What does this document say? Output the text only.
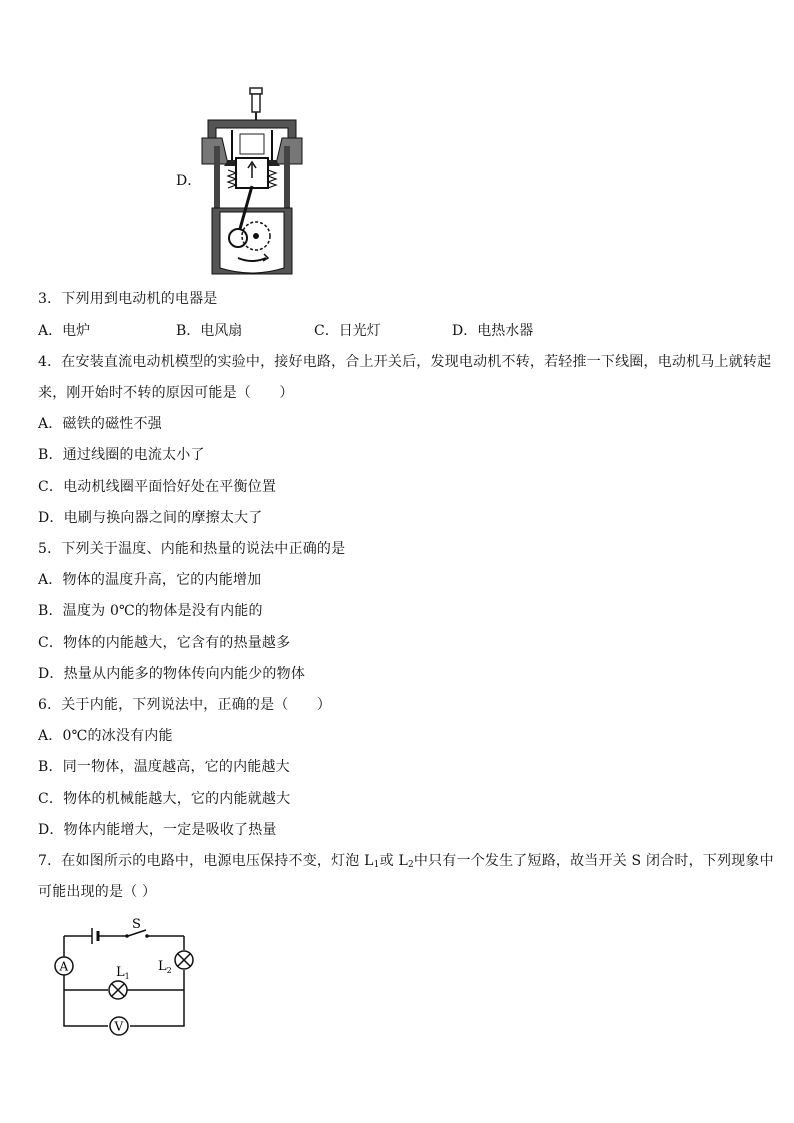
D．
3．下列用到电动机的电器是
A．电炉	B．电风扇	C．日光灯	D．电热水器
4．在安装直流电动机模型的实验中，接好电路，合上开关后，发现电动机不转，若轻推一下线圈，电动机马上就转起
来，刚开始时不转的原因可能是（　　）
A．磁铁的磁性不强
B．通过线圈的电流太小了
C．电动机线圈平面恰好处在平衡位置
D．电刷与换向器之间的摩擦太大了
5．下列关于温度、内能和热量的说法中正确的是
A．物体的温度升高，它的内能增加
B．温度为 0℃的物体是没有内能的
C．物体的内能越大，它含有的热量越多
D．热量从内能多的物体传向内能少的物体
6．关于内能，下列说法中，正确的是（　　）
A．0℃的冰没有内能
B．同一物体，温度越高，它的内能越大
C．物体的机械能越大，它的内能就越大
D．物体内能增大，一定是吸收了热量
7．在如图所示的电路中，电源电压保持不变，灯泡 $L_1$或 $L_2$中只有一个发生了短路，故当开关 S 闭合时，下列现象中
可能出现的是（ ）
S
A	$L_2$
$L_1$
V
